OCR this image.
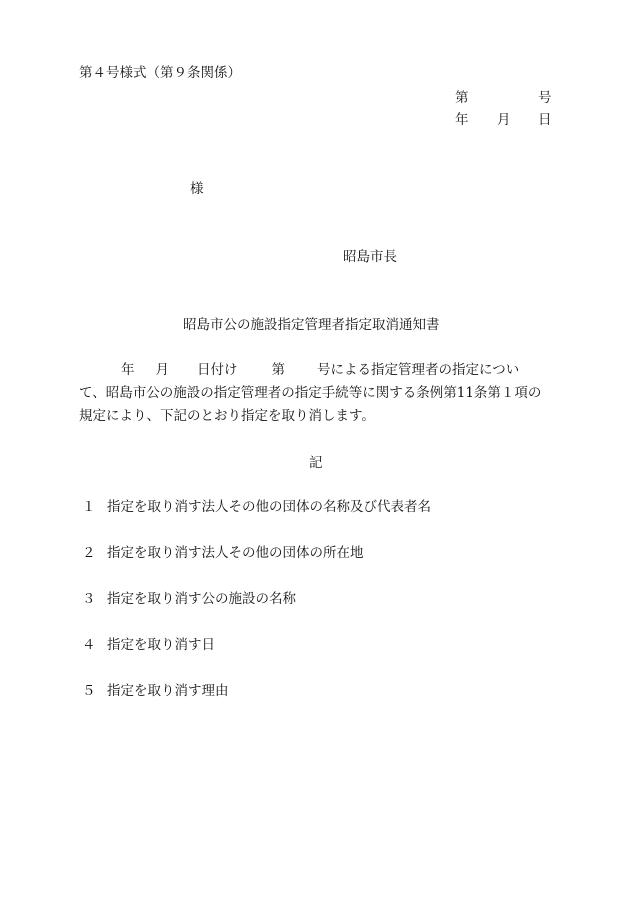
第４号様式（第９条関係）
第	号
年 月 日
様
昭島市長
昭島市公の施設指定管理者指定取消通知書
年 月 日付け	第 号による指定管理者の指定につい
て、昭島市公の施設の指定管理者の指定手続等に関する条例第11条第１項の
規定により、下記のとおり指定を取り消します。
記
１ 指定を取り消す法人その他の団体の名称及び代表者名
２ 指定を取り消す法人その他の団体の所在地
３ 指定を取り消す公の施設の名称
４ 指定を取り消す日
５ 指定を取り消す理由
